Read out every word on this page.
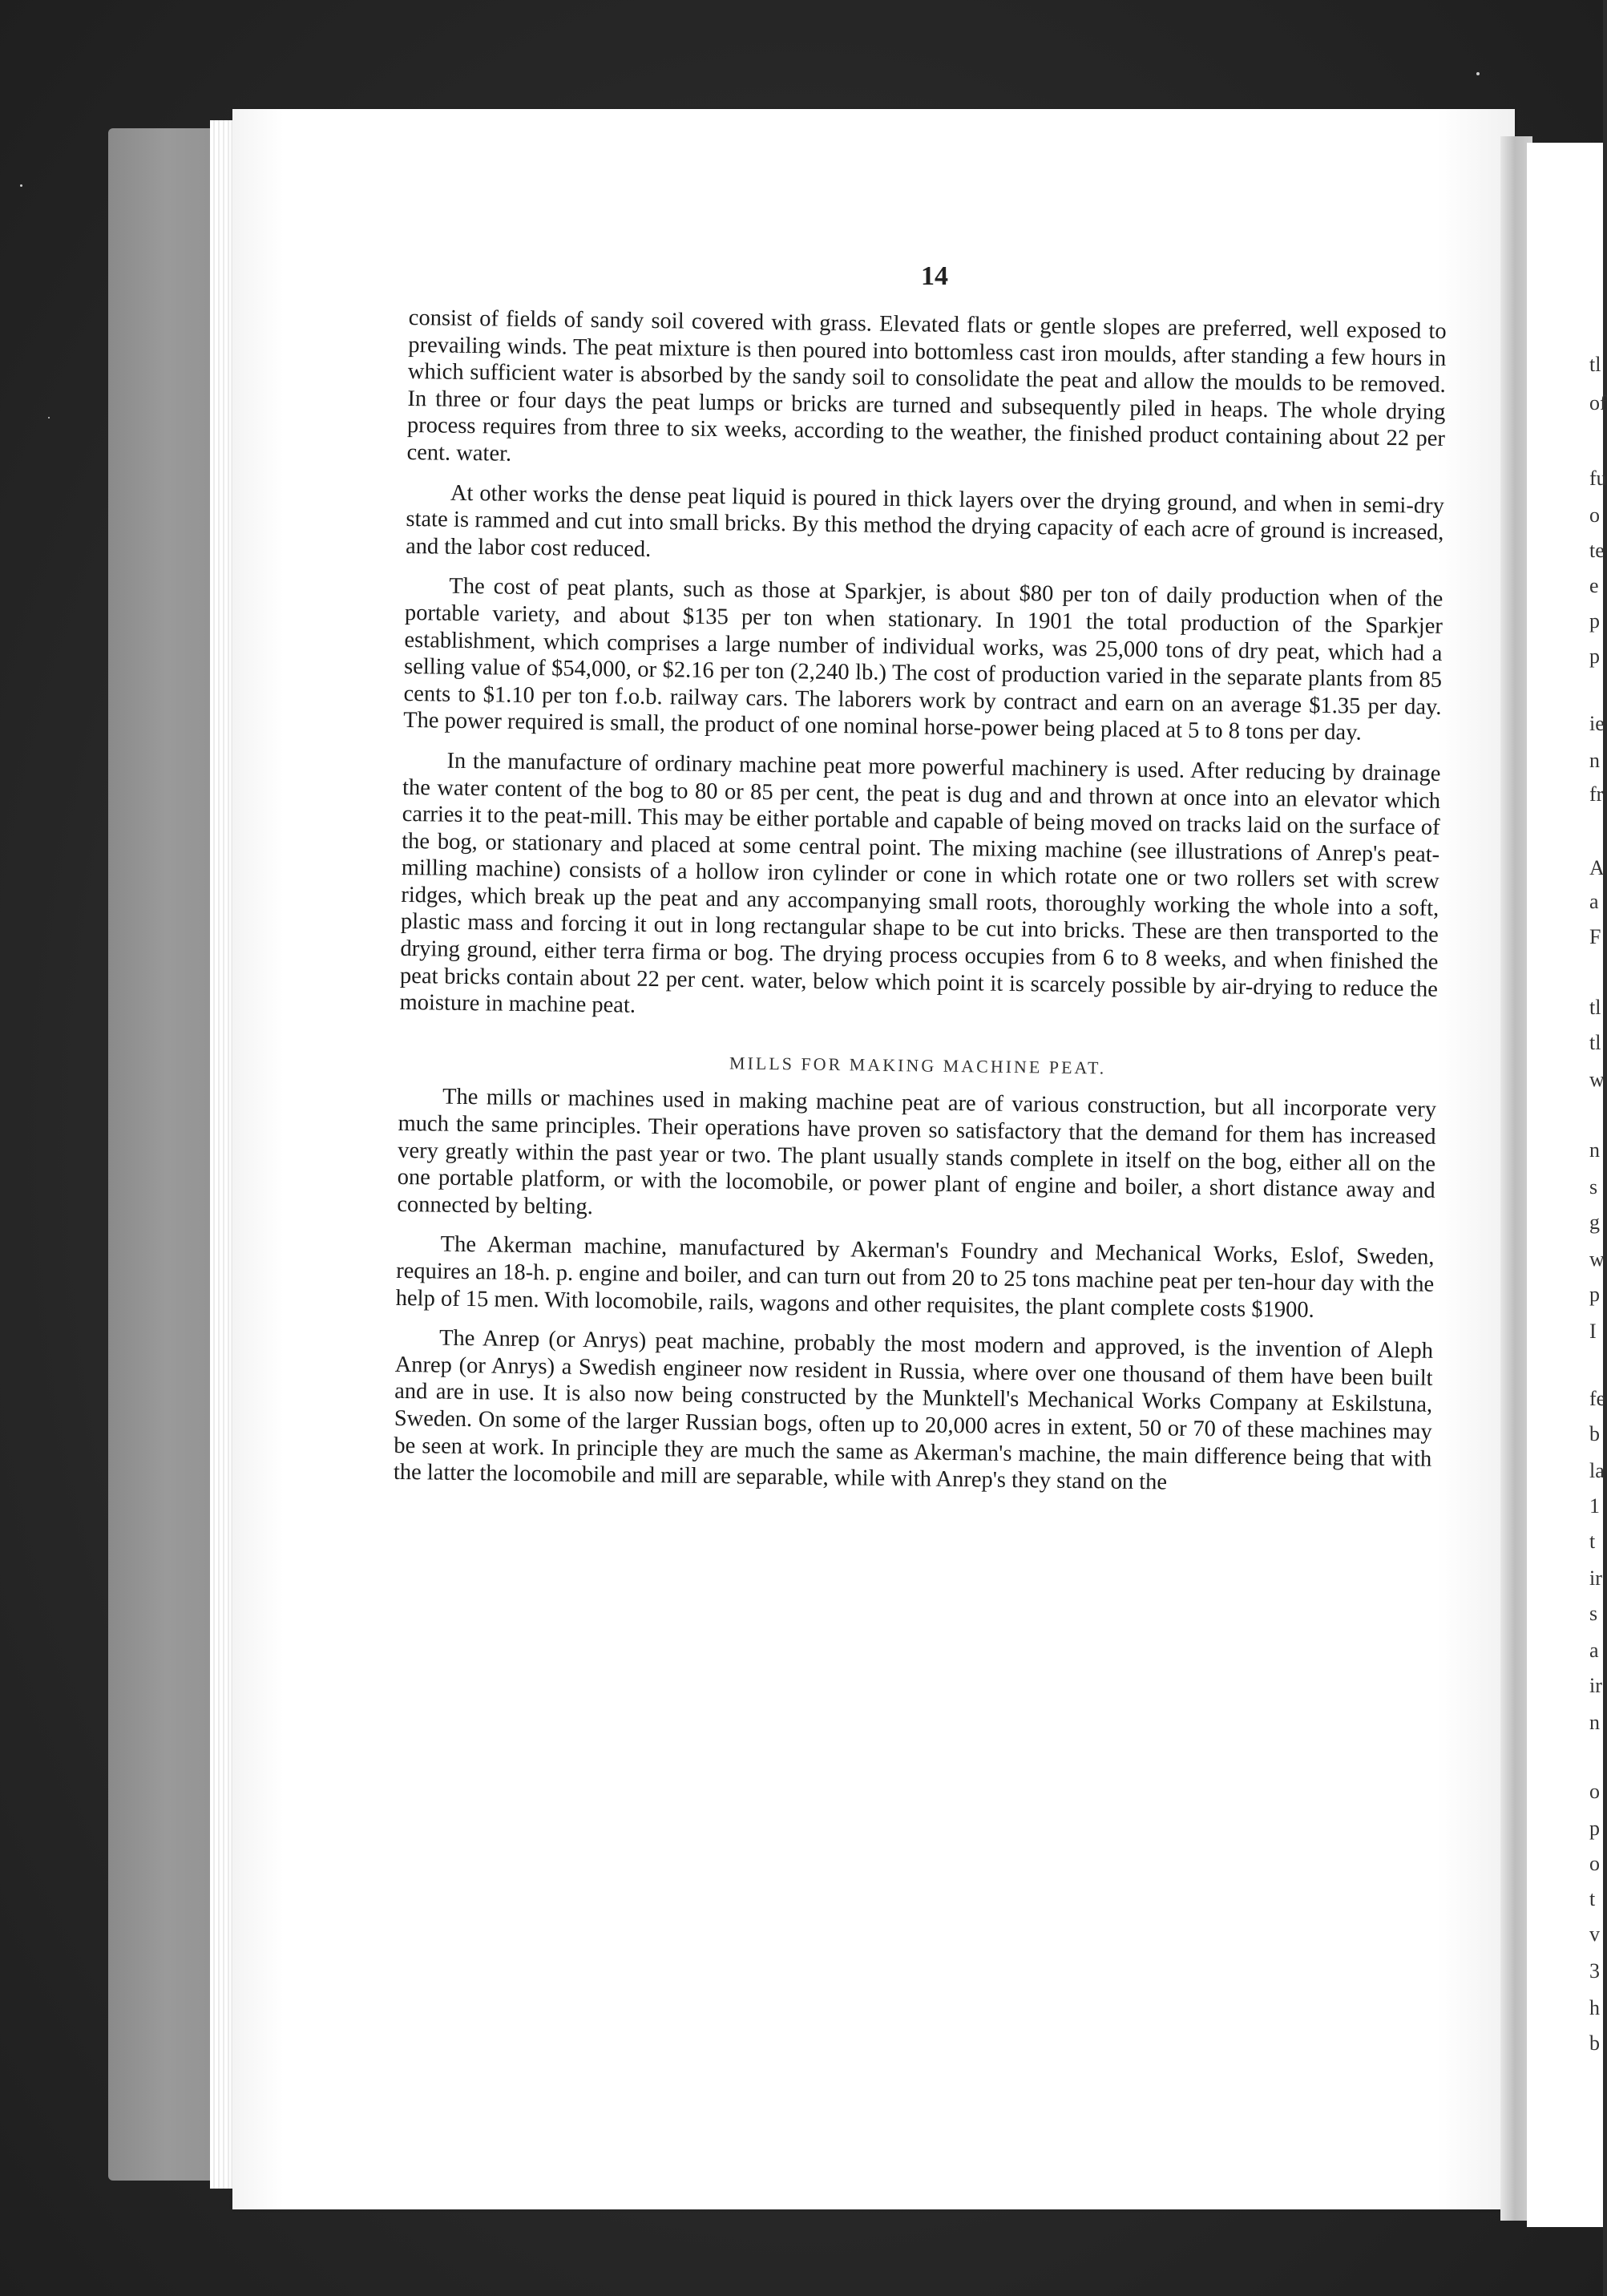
14

consist of fields of sandy soil covered with grass. Elevated flats or gentle slopes are preferred, well exposed to prevailing winds. The peat mixture is then poured into bottomless cast iron moulds, after standing a few hours in which sufficient water is absorbed by the sandy soil to consolidate the peat and allow the moulds to be removed. In three or four days the peat lumps or bricks are turned and subsequently piled in heaps. The whole drying process requires from three to six weeks, according to the weather, the finished product containing about 22 per cent. water.

At other works the dense peat liquid is poured in thick layers over the drying ground, and when in semi-dry state is rammed and cut into small bricks. By this method the drying capacity of each acre of ground is increased, and the labor cost reduced.

The cost of peat plants, such as those at Sparkjer, is about $80 per ton of daily production when of the portable variety, and about $135 per ton when stationary. In 1901 the total production of the Sparkjer establishment, which comprises a large number of individual works, was 25,000 tons of dry peat, which had a selling value of $54,000, or $2.16 per ton (2,240 lb.) The cost of production varied in the separate plants from 85 cents to $1.10 per ton f.o.b. railway cars. The laborers work by contract and earn on an average $1.35 per day. The power required is small, the product of one nominal horse-power being placed at 5 to 8 tons per day.

In the manufacture of ordinary machine peat more powerful machinery is used. After reducing by drainage the water content of the bog to 80 or 85 per cent, the peat is dug and and thrown at once into an elevator which carries it to the peat-mill. This may be either portable and capable of being moved on tracks laid on the surface of the bog, or stationary and placed at some central point. The mixing machine (see illustrations of Anrep's peat-milling machine) consists of a hollow iron cylinder or cone in which rotate one or two rollers set with screw ridges, which break up the peat and any accompanying small roots, thoroughly working the whole into a soft, plastic mass and forcing it out in long rectangular shape to be cut into bricks. These are then transported to the drying ground, either terra firma or bog. The drying process occupies from 6 to 8 weeks, and when finished the peat bricks contain about 22 per cent. water, below which point it is scarcely possible by air-drying to reduce the moisture in machine peat.

MILLS FOR MAKING MACHINE PEAT.

The mills or machines used in making machine peat are of various construction, but all incorporate very much the same principles. Their operations have proven so satisfactory that the demand for them has increased very greatly within the past year or two. The plant usually stands complete in itself on the bog, either all on the one portable platform, or with the locomobile, or power plant of engine and boiler, a short distance away and connected by belting.

The Akerman machine, manufactured by Akerman's Foundry and Mechanical Works, Eslof, Sweden, requires an 18-h. p. engine and boiler, and can turn out from 20 to 25 tons machine peat per ten-hour day with the help of 15 men. With locomobile, rails, wagons and other requisites, the plant complete costs $1900.

The Anrep (or Anrys) peat machine, probably the most modern and approved, is the invention of Aleph Anrep (or Anrys) a Swedish engineer now resident in Russia, where over one thousand of them have been built and are in use. It is also now being constructed by the Munktell's Mechanical Works Company at Eskilstuna, Sweden. On some of the larger Russian bogs, often up to 20,000 acres in extent, 50 or 70 of these machines may be seen at work. In principle they are much the same as Akerman's machine, the main difference being that with the latter the locomobile and mill are separable, while with Anrep's they stand on the

tl
of
fu
o
te
e
p
p
ie
n
fr
A
a
F
tl
tl
w
n
s
g
w
p
I
fe
b
la
1
t
ir
s
a
ir
n
o
p
o
t
v
3
h
b
